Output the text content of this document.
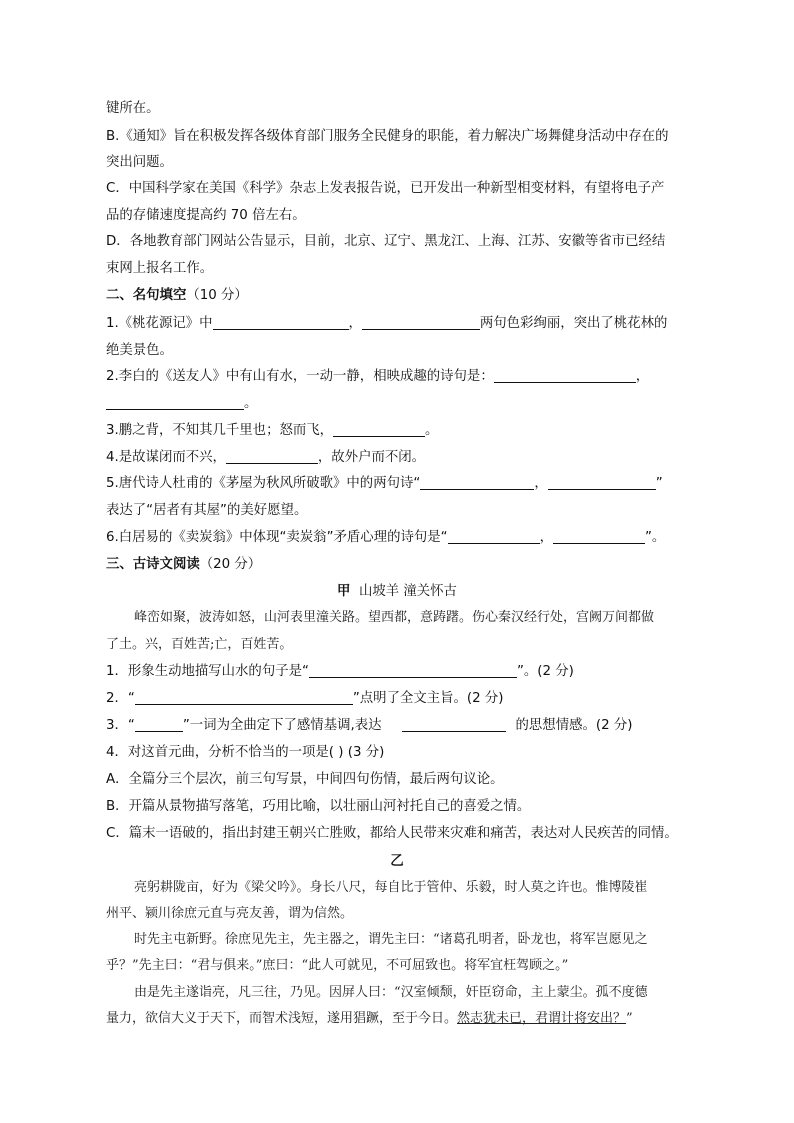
键所在。
B.《通知》旨在积极发挥各级体育部门服务全民健身的职能，着力解决广场舞健身活动中存在的
突出问题。
C．中国科学家在美国《科学》杂志上发表报告说，已开发出一种新型相变材料，有望将电子产
品的存储速度提高约 70 倍左右。
D．各地教育部门网站公告显示，目前，北京、辽宁、黑龙江、上海、江苏、安徽等省市已经结
束网上报名工作。
二、名句填空（10 分）
1.《桃花源记》中	，	两句色彩绚丽，突出了桃花林的
绝美景色。
2.李白的《送友人》中有山有水，一动一静，相映成趣的诗句是：	，
。
3.鹏之背，不知其几千里也；怒而飞，	。
4.是故谋闭而不兴，	，故外户而不闭。
5.唐代诗人杜甫的《茅屋为秋风所破歌》中的两句诗“	，	”
表达了“居者有其屋”的美好愿望。
6.白居易的《卖炭翁》中体现“卖炭翁”矛盾心理的诗句是“	，	”。
三、古诗文阅读（20 分）
甲 山坡羊 潼关怀古
峰峦如聚，波涛如怒，山河表里潼关路。望西都，意踌躇。伤心秦汉经行处，宫阙万间都做
了土。兴，百姓苦;亡，百姓苦。
1．形象生动地描写山水的句子是“	”。(2 分)
2．“	”点明了全文主旨。(2 分)
3．“	”一词为全曲定下了感情基调,表达	的思想情感。(2 分)
4．对这首元曲，分析不恰当的一项是( ) (3 分)
A．全篇分三个层次，前三句写景，中间四句伤情，最后两句议论。
B．开篇从景物描写落笔，巧用比喻，以壮丽山河衬托自己的喜爱之情。
C．篇末一语破的，指出封建王朝兴亡胜败，都给人民带来灾难和痛苦，表达对人民疾苦的同情。
乙
亮躬耕陇亩，好为《梁父吟》。身长八尺，每自比于管仲、乐毅，时人莫之许也。惟博陵崔
州平、颍川徐庶元直与亮友善，谓为信然。
时先主屯新野。徐庶见先主，先主器之，谓先主曰：“诸葛孔明者，卧龙也，将军岂愿见之
乎？”先主曰：“君与俱来。”庶曰：“此人可就见，不可屈致也。将军宜枉驾顾之。”
由是先主遂诣亮，凡三往，乃见。因屏人曰：“汉室倾颓，奸臣窃命，主上蒙尘。孤不度德
量力，欲信大义于天下，而智术浅短，遂用猖蹶，至于今日。然志犹未已，君谓计将安出？”
